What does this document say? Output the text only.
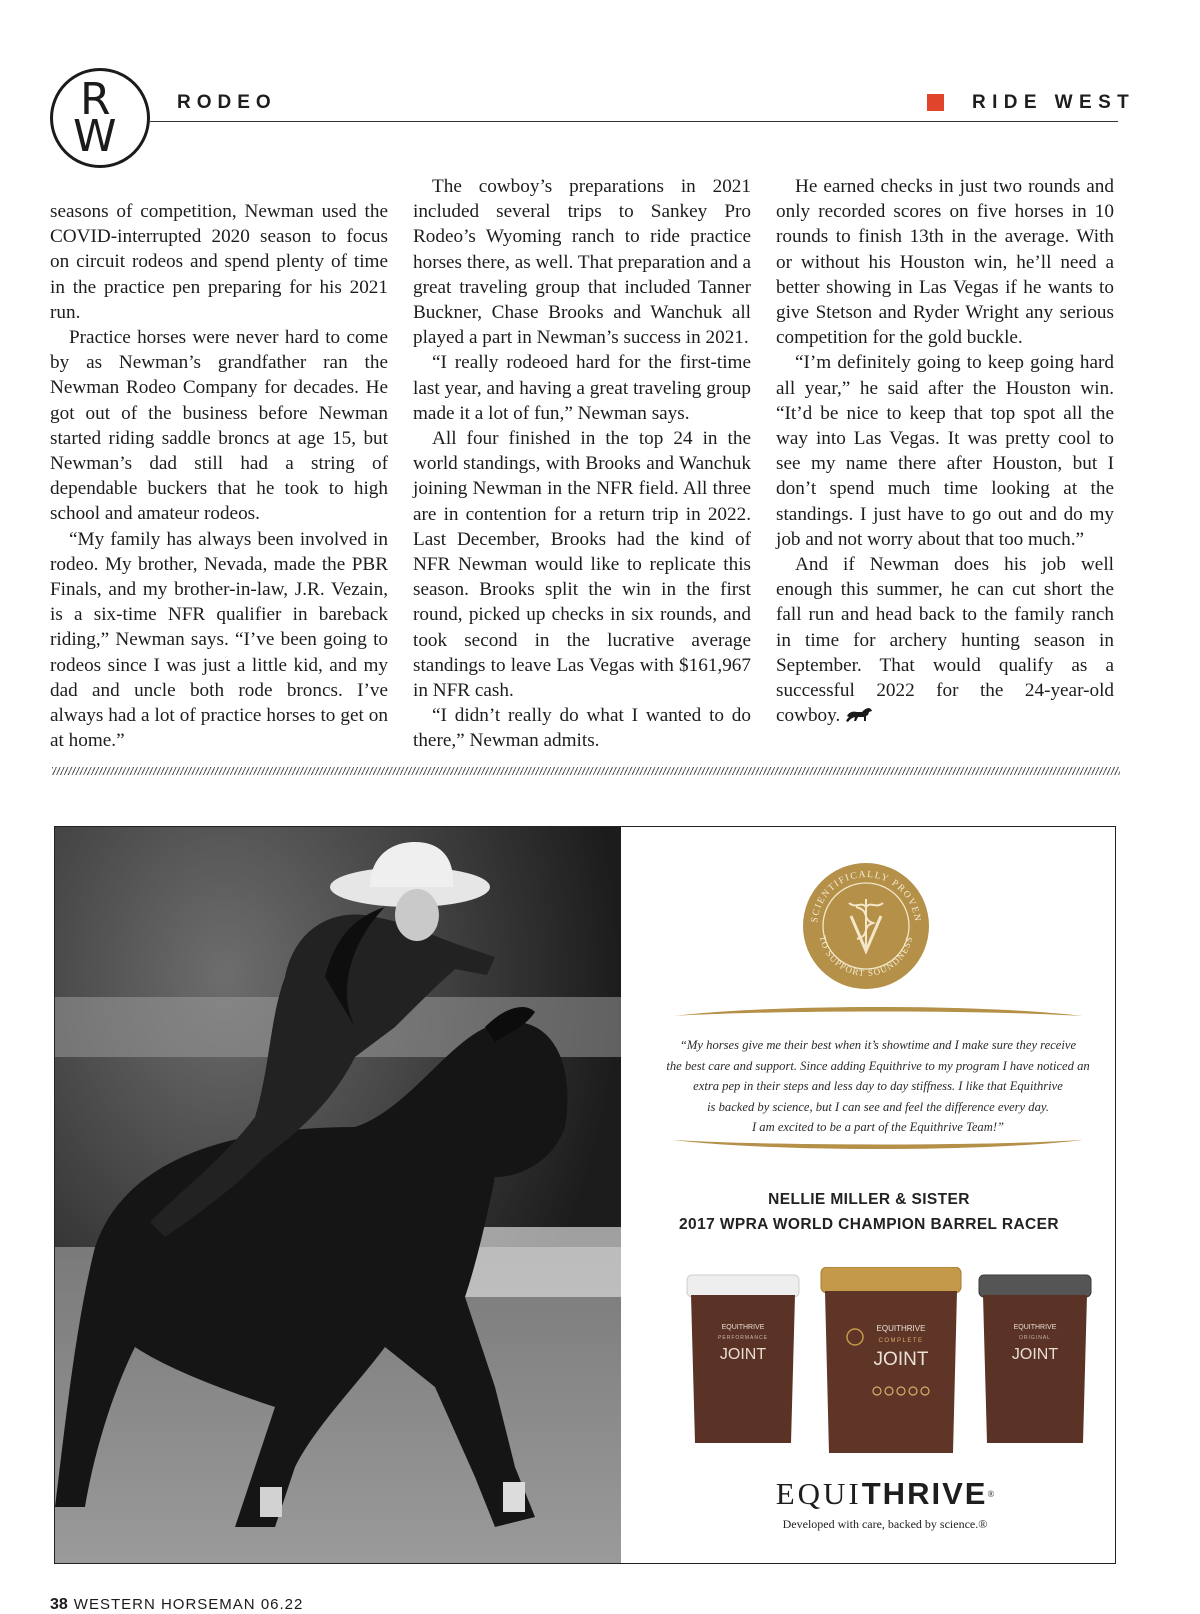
R
W
RODEO	RIDE WEST

seasons of competition, Newman used the COVID-interrupted 2020 season to focus on circuit rodeos and spend plenty of time in the practice pen preparing for his 2021 run.

Practice horses were never hard to come by as Newman’s grandfather ran the Newman Rodeo Company for decades. He got out of the business before Newman started riding saddle broncs at age 15, but Newman’s dad still had a string of dependable buckers that he took to high school and amateur rodeos.

“My family has always been involved in rodeo. My brother, Nevada, made the PBR Finals, and my brother-in-law, J.R. Vezain, is a six-time NFR qualifier in bareback riding,” Newman says. “I’ve been going to rodeos since I was just a little kid, and my dad and uncle both rode broncs. I’ve always had a lot of practice horses to get on at home.”

The cowboy’s preparations in 2021 included several trips to Sankey Pro Rodeo’s Wyoming ranch to ride practice horses there, as well. That preparation and a great traveling group that included Tanner Buckner, Chase Brooks and Wanchuk all played a part in Newman’s success in 2021.

“I really rodeoed hard for the first-time last year, and having a great traveling group made it a lot of fun,” Newman says.

All four finished in the top 24 in the world standings, with Brooks and Wanchuk joining Newman in the NFR field. All three are in contention for a return trip in 2022. Last December, Brooks had the kind of NFR Newman would like to replicate this season. Brooks split the win in the first round, picked up checks in six rounds, and took second in the lucrative average standings to leave Las Vegas with $161,967 in NFR cash.

“I didn’t really do what I wanted to do there,” Newman admits.

He earned checks in just two rounds and only recorded scores on five horses in 10 rounds to finish 13th in the average. With or without his Houston win, he’ll need a better showing in Las Vegas if he wants to give Stetson and Ryder Wright any serious competition for the gold buckle.

“I’m definitely going to keep going hard all year,” he said after the Houston win. “It’d be nice to keep that top spot all the way into Las Vegas. It was pretty cool to see my name there after Houston, but I don’t spend much time looking at the standings. I just have to go out and do my job and not worry about that too much.”

And if Newman does his job well enough this summer, he can cut short the fall run and head back to the family ranch in time for archery hunting season in September. That would qualify as a successful 2022 for the 24-year-old cowboy.

SCIENTIFICALLY PROVEN
TO SUPPORT SOUNDNESS
“My horses give me their best when it’s showtime and I make sure they receive
the best care and support. Since adding Equithrive to my program I have noticed an
extra pep in their steps and less day to day stiffness. I like that Equithrive
is backed by science, but I can see and feel the difference every day.
I am excited to be a part of the Equithrive Team!”
NELLIE MILLER & SISTER
2017 WPRA WORLD CHAMPION BARREL RACER
EQUITHRIVE
PERFORMANCE
JOINT
EQUITHRIVE
ORIGINAL
JOINT
EQUITHRIVE
COMPLETE
JOINT
EQUITHRIVE®
Developed with care, backed by science.®
38 WESTERN HORSEMAN 06.22
